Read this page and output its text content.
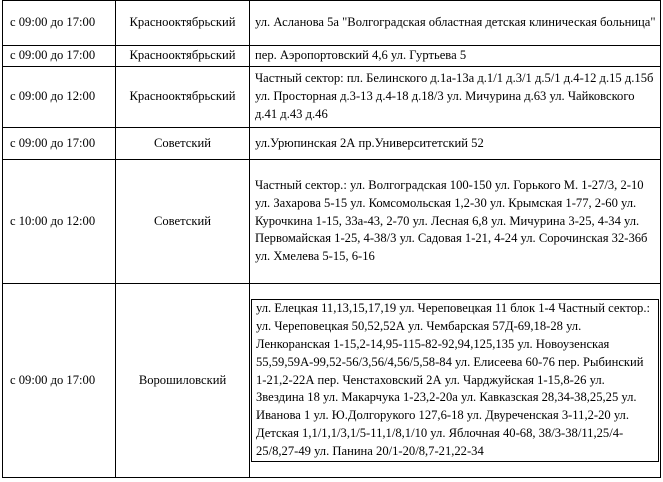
с 09:00 до 17:00	Краснооктябрьский	ул. Асланова 5а "Волгоградская областная детская клиническая больница"
с 09:00 до 17:00	Краснооктябрьский	пер. Аэропортовский 4,6 ул. Гуртьева 5
с 09:00 до 12:00	Краснооктябрьский	Частный сектор: пл. Белинского д.1а-13а д.1/1 д.3/1 д.5/1 д.4-12 д.15 д.15б ул. Просторная д.3-13 д.4-18 д.18/3 ул. Мичурина д.63 ул. Чайковского д.41 д.43 д.46
с 09:00 до 17:00	Советский	ул.Урюпинская 2А пр.Университетский 52
с 10:00 до 12:00	Советский	Частный сектор.: ул. Волгоградская 100-150 ул. Горького М. 1-27/3, 2-10 ул. Захарова 5-15 ул. Комсомольская 1,2-30 ул. Крымская 1-77, 2-60 ул. Курочкина 1-15, 33а-43, 2-70 ул. Лесная 6,8 ул. Мичурина 3-25, 4-34 ул. Первомайская 1-25, 4-38/3 ул. Садовая 1-21, 4-24 ул. Сорочинская 32-36б ул. Хмелева 5-15, 6-16
с 09:00 до 17:00	Ворошиловский	ул. Елецкая 11,13,15,17,19 ул. Череповецкая 11 блок 1-4 Частный сектор.: ул. Череповецкая 50,52,52А ул. Чембарская 57Д-69,18-28 ул. Ленкоранская 1-15,2-14,95-115-82-92,94,125,135 ул. Новоузенская 55,59,59А-99,52-56/3,56/4,56/5,58-84 ул. Елисеева 60-76 пер. Рыбинский 1-21,2-22А пер. Ченстаховский 2А ул. Чарджуйская 1-15,8-26 ул. Звездина 18 ул. Макарчука 1-23,2-20а ул. Кавказская 28,34-38,25,25 ул. Иванова 1 ул. Ю.Долгорукого 127,6-18 ул. Двуреченская 3-11,2-20 ул. Детская 1,1/1,1/3,1/5-11,1/8,1/10 ул. Яблочная 40-68, 38/3-38/11,25/4-25/8,27-49 ул. Панина 20/1-20/8,7-21,22-34
